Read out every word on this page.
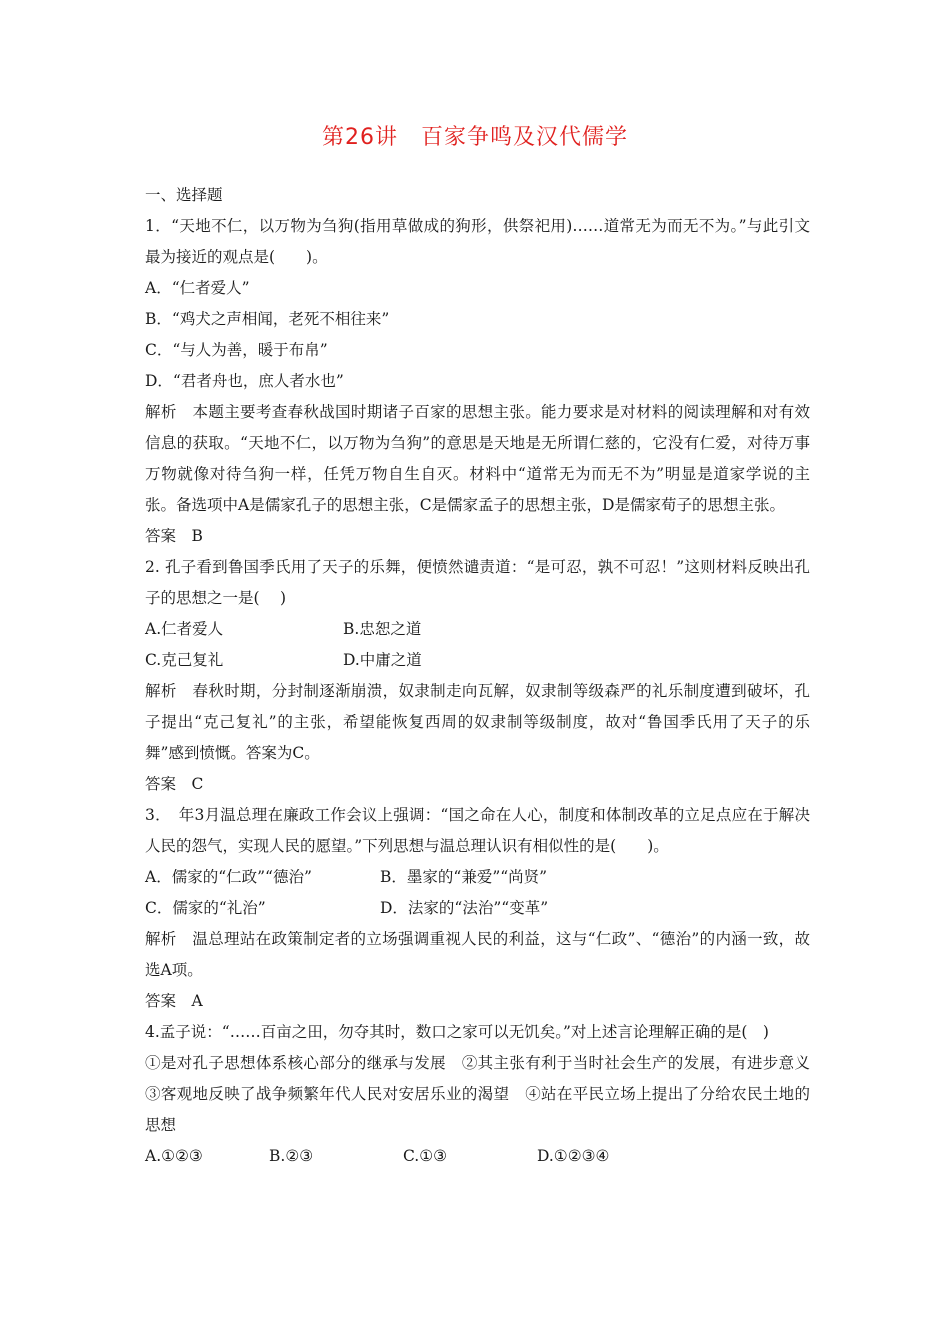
第26讲　百家争鸣及汉代儒学
一、选择题
1．“天地不仁，以万物为刍狗(指用草做成的狗形，供祭祀用)……道常无为而无不为。”与此引文最为接近的观点是(　　)。
A．“仁者爱人”
B．“鸡犬之声相闻，老死不相往来”
C．“与人为善，暖于布帛”
D．“君者舟也，庶人者水也”
解析　本题主要考查春秋战国时期诸子百家的思想主张。能力要求是对材料的阅读理解和对有效信息的获取。“天地不仁，以万物为刍狗”的意思是天地是无所谓仁慈的，它没有仁爱，对待万事万物就像对待刍狗一样，任凭万物自生自灭。材料中“道常无为而无不为”明显是道家学说的主张。备选项中A是儒家孔子的思想主张，C是儒家孟子的思想主张，D是儒家荀子的思想主张。
答案　B
2. 孔子看到鲁国季氏用了天子的乐舞，便愤然谴责道：“是可忍，孰不可忍！”这则材料反映出孔子的思想之一是(　 )
A.仁者爱人	B.忠恕之道
C.克己复礼	D.中庸之道
解析　春秋时期，分封制逐渐崩溃，奴隶制走向瓦解，奴隶制等级森严的礼乐制度遭到破坏，孔子提出“克己复礼”的主张，希望能恢复西周的奴隶制等级制度，故对“鲁国季氏用了天子的乐舞”感到愤慨。答案为C。
答案　C
3．　年3月温总理在廉政工作会议上强调：“国之命在人心，制度和体制改革的立足点应在于解决人民的怨气，实现人民的愿望。”下列思想与温总理认识有相似性的是(　　)。
A．儒家的“仁政”“德治”	B．墨家的“兼爱”“尚贤”
C．儒家的“礼治”	D．法家的“法治”“变革”
解析　温总理站在政策制定者的立场强调重视人民的利益，这与“仁政”、“德治”的内涵一致，故选A项。
答案　A
4.孟子说：“……百亩之田，勿夺其时，数口之家可以无饥矣。”对上述言论理解正确的是(　)
①是对孔子思想体系核心部分的继承与发展　②其主张有利于当时社会生产的发展，有进步意义　 ③客观地反映了战争频繁年代人民对安居乐业的渴望　④站在平民立场上提出了分给农民土地的思想
A.①②③	B.②③	C.①③	D.①②③④
